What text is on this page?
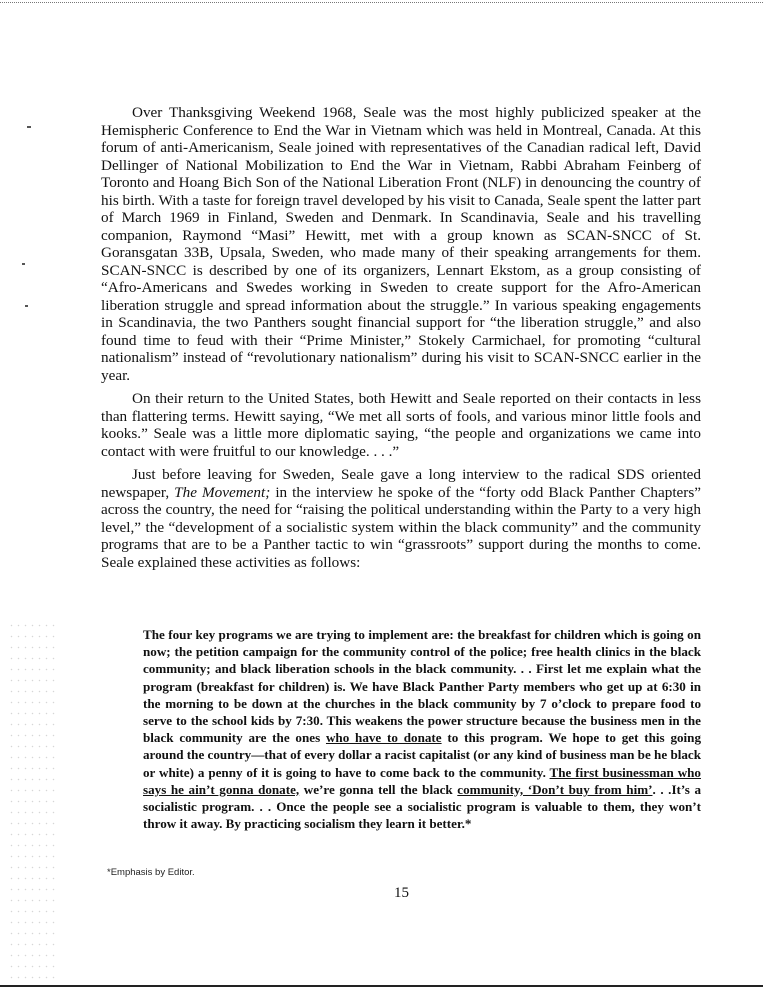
Over Thanksgiving Weekend 1968, Seale was the most highly publicized speaker at the Hemispheric Conference to End the War in Vietnam which was held in Montreal, Canada. At this forum of anti-Americanism, Seale joined with representatives of the Canadian radical left, David Dellinger of National Mobilization to End the War in Vietnam, Rabbi Abraham Feinberg of Toronto and Hoang Bich Son of the National Liberation Front (NLF) in denouncing the country of his birth. With a taste for foreign travel developed by his visit to Canada, Seale spent the latter part of March 1969 in Finland, Sweden and Denmark. In Scandinavia, Seale and his travelling companion, Raymond “Masi” Hewitt, met with a group known as SCAN-SNCC of St. Goransgatan 33B, Upsala, Sweden, who made many of their speaking arrangements for them. SCAN-SNCC is described by one of its organizers, Lennart Ekstom, as a group consisting of “Afro-Americans and Swedes working in Sweden to create support for the Afro-American liberation struggle and spread information about the struggle.” In various speaking engagements in Scandinavia, the two Panthers sought financial support for “the liberation struggle,” and also found time to feud with their “Prime Minister,” Stokely Carmichael, for promoting “cultural nationalism” instead of “revolutionary nationalism” during his visit to SCAN-SNCC earlier in the year.

On their return to the United States, both Hewitt and Seale reported on their contacts in less than flattering terms. Hewitt saying, “We met all sorts of fools, and various minor little fools and kooks.” Seale was a little more diplomatic saying, “the people and organizations we came into contact with were fruitful to our knowledge. . . .”

Just before leaving for Sweden, Seale gave a long interview to the radical SDS oriented newspaper, The Movement; in the interview he spoke of the “forty odd Black Panther Chapters” across the country, the need for “raising the political understanding within the Party to a very high level,” the “development of a socialistic system within the black community” and the community programs that are to be a Panther tactic to win “grassroots” support during the months to come. Seale explained these activities as follows:

The four key programs we are trying to implement are: the breakfast for children which is going on now; the petition campaign for the community control of the police; free health clinics in the black community; and black liberation schools in the black community. . . First let me explain what the program (breakfast for children) is. We have Black Panther Party members who get up at 6:30 in the morning to be down at the churches in the black community by 7 o’clock to prepare food to serve to the school kids by 7:30. This weakens the power structure because the business men in the black community are the ones who have to donate to this program. We hope to get this going around the country—that of every dollar a racist capitalist (or any kind of business man be he black or white) a penny of it is going to have to come back to the community. The first businessman who says he ain’t gonna donate, we’re gonna tell the black community, ‘Don’t buy from him’. . .It’s a socialistic program. . . Once the people see a socialistic program is valuable to them, they won’t throw it away. By practicing socialism they learn it better.*
*Emphasis by Editor.
15
